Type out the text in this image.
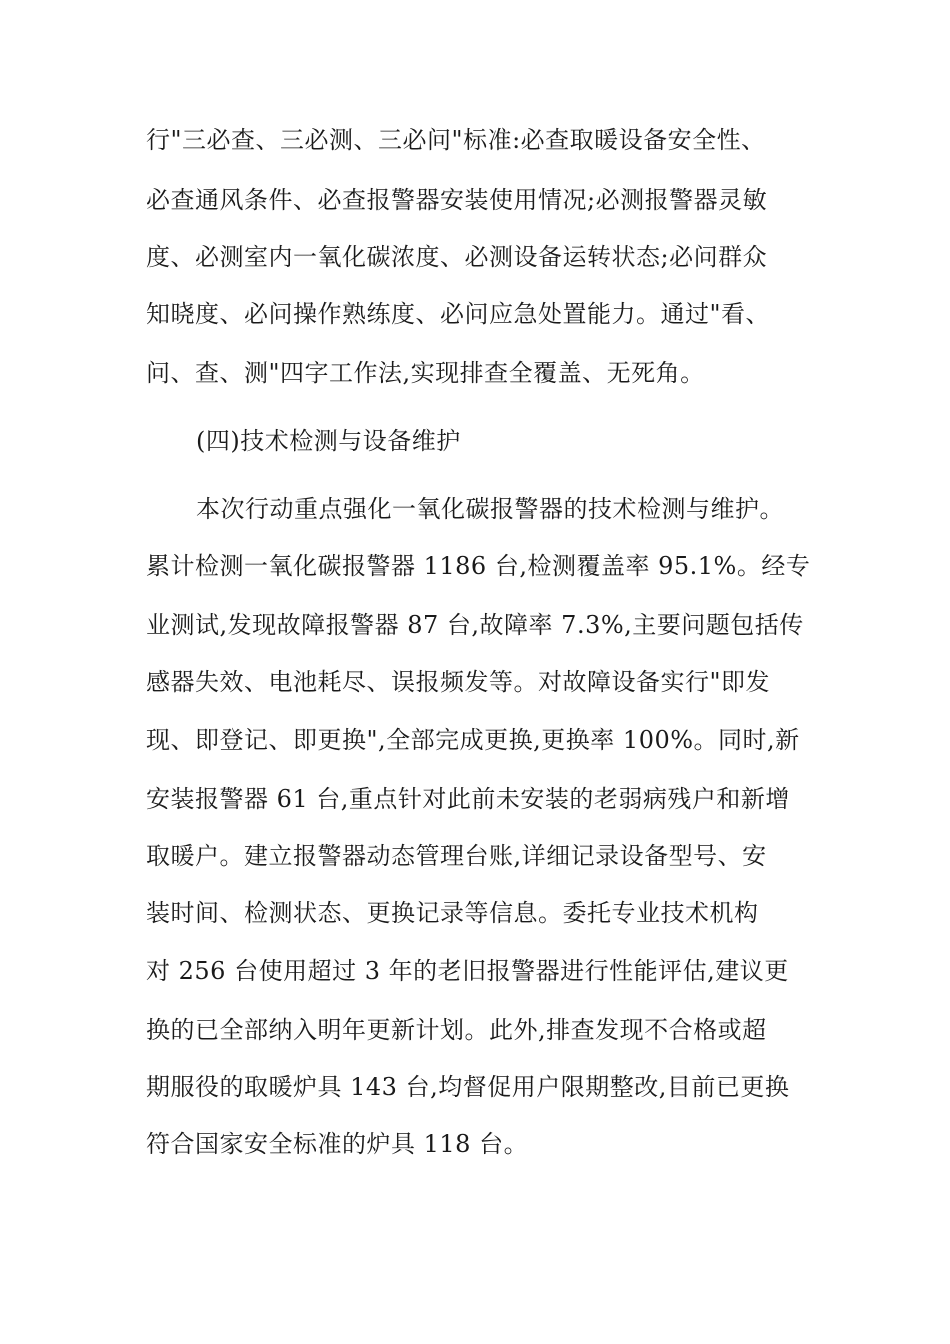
行"三必查、三必测、三必问"标准:必查取暖设备安全性、
必查通风条件、必查报警器安装使用情况;必测报警器灵敏
度、必测室内一氧化碳浓度、必测设备运转状态;必问群众
知晓度、必问操作熟练度、必问应急处置能力。通过"看、
问、查、测"四字工作法,实现排查全覆盖、无死角。
(四)技术检测与设备维护
本次行动重点强化一氧化碳报警器的技术检测与维护。
累计检测一氧化碳报警器 1186 台,检测覆盖率 95.1%。经专
业测试,发现故障报警器 87 台,故障率 7.3%,主要问题包括传
感器失效、电池耗尽、误报频发等。对故障设备实行"即发
现、即登记、即更换",全部完成更换,更换率 100%。同时,新
安装报警器 61 台,重点针对此前未安装的老弱病残户和新增
取暖户。建立报警器动态管理台账,详细记录设备型号、安
装时间、检测状态、更换记录等信息。委托专业技术机构
对 256 台使用超过 3 年的老旧报警器进行性能评估,建议更
换的已全部纳入明年更新计划。此外,排查发现不合格或超
期服役的取暖炉具 143 台,均督促用户限期整改,目前已更换
符合国家安全标准的炉具 118 台。
